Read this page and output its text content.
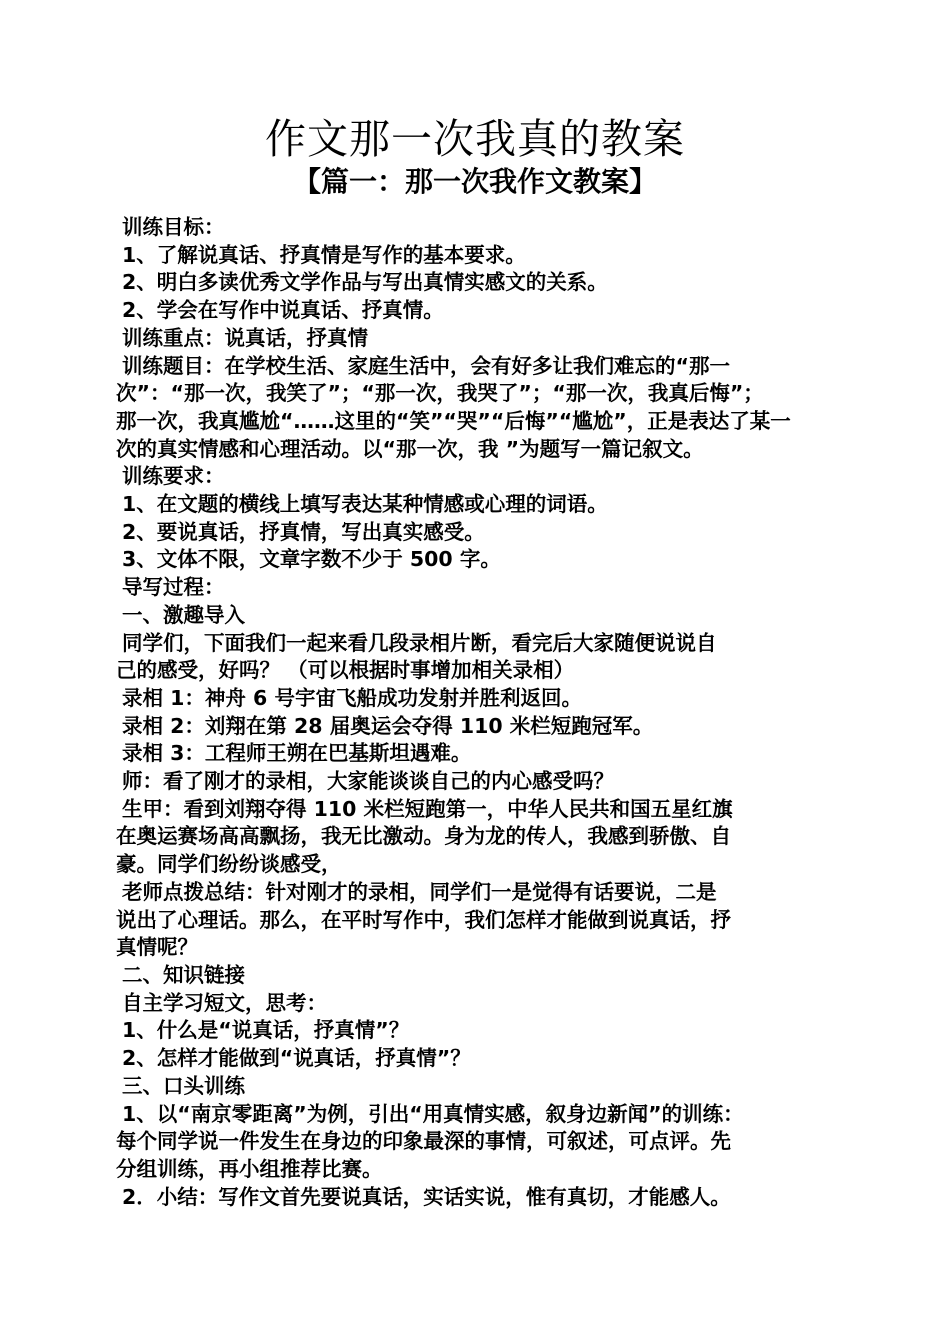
作文那一次我真的教案
【篇一：那一次我作文教案】

训练目标：

1、了解说真话、抒真情是写作的基本要求。

2、明白多读优秀文学作品与写出真情实感文的关系。

2、学会在写作中说真话、抒真情。

训练重点：说真话，抒真情

训练题目：在学校生活、家庭生活中，会有好多让我们难忘的“那一

次”：“那一次，我笑了”；“那一次，我哭了”；“那一次，我真后悔”；

那一次，我真尴尬“……这里的“笑”“哭”“后悔”“尴尬”，正是表达了某一

次的真实情感和心理活动。以“那一次，我 ”为题写一篇记叙文。

训练要求：

1、在文题的横线上填写表达某种情感或心理的词语。

2、要说真话，抒真情，写出真实感受。

3、文体不限，文章字数不少于 500 字。

导写过程：

一、激趣导入

同学们，下面我们一起来看几段录相片断，看完后大家随便说说自

己的感受，好吗？ （可以根据时事增加相关录相）

录相 1：神舟 6 号宇宙飞船成功发射并胜利返回。

录相 2：刘翔在第 28 届奥运会夺得 110 米栏短跑冠军。

录相 3：工程师王朔在巴基斯坦遇难。

师：看了刚才的录相，大家能谈谈自己的内心感受吗？

生甲：看到刘翔夺得 110 米栏短跑第一，中华人民共和国五星红旗

在奥运赛场高高飘扬，我无比激动。身为龙的传人，我感到骄傲、自

豪。同学们纷纷谈感受，

老师点拨总结：针对刚才的录相，同学们一是觉得有话要说，二是

说出了心理话。那么，在平时写作中，我们怎样才能做到说真话，抒

真情呢？

二、知识链接

自主学习短文，思考：

1、什么是“说真话，抒真情”？

2、怎样才能做到“说真话，抒真情”？

三、口头训练

1、以“南京零距离”为例，引出“用真情实感，叙身边新闻”的训练：

每个同学说一件发生在身边的印象最深的事情，可叙述，可点评。先

分组训练，再小组推荐比赛。

2．小结：写作文首先要说真话，实话实说，惟有真切，才能感人。
